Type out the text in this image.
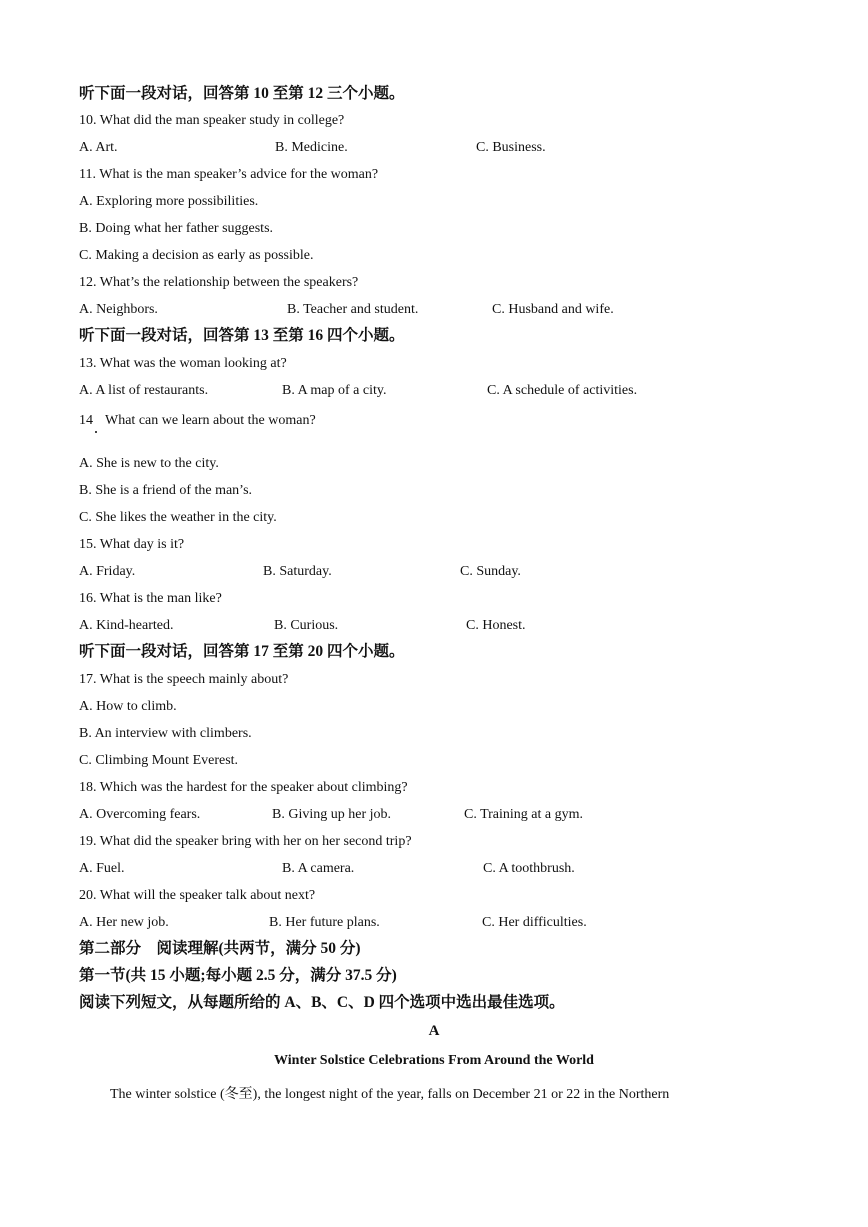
听下面一段对话，回答第 10 至第 12 三个小题。
10. What did the man speaker study in college?
A. Art.	B. Medicine.	C. Business.
11. What is the man speaker’s advice for the woman?
A. Exploring more possibilities.
B. Doing what her father suggests.
C. Making a decision as early as possible.
12. What’s the relationship between the speakers?
A. Neighbors.	B. Teacher and student.	C. Husband and wife.
听下面一段对话，回答第 13 至第 16 四个小题。
13. What was the woman looking at?
A. A list of restaurants.	B. A map of a city.	C. A schedule of activities.
14 What can we learn about the woman?
A. She is new to the city.
B. She is a friend of the man’s.
C. She likes the weather in the city.
15. What day is it?
A. Friday.	B. Saturday.	C. Sunday.
16. What is the man like?
A. Kind-hearted.	B. Curious.	C. Honest.
听下面一段对话，回答第 17 至第 20 四个小题。
17. What is the speech mainly about?
A. How to climb.
B. An interview with climbers.
C. Climbing Mount Everest.
18. Which was the hardest for the speaker about climbing?
A. Overcoming fears.	B. Giving up her job.	C. Training at a gym.
19. What did the speaker bring with her on her second trip?
A. Fuel.	B. A camera.	C. A toothbrush.
20. What will the speaker talk about next?
A. Her new job.	B. Her future plans.	C. Her difficulties.
第二部分　阅读理解(共两节，满分 50 分)
第一节(共 15 小题;每小题 2.5 分，满分 37.5 分)
阅读下列短文，从每题所给的 A、B、C、D 四个选项中选出最佳选项。
A
Winter Solstice Celebrations From Around the World
The winter solstice (冬至), the longest night of the year, falls on December 21 or 22 in the Northern
